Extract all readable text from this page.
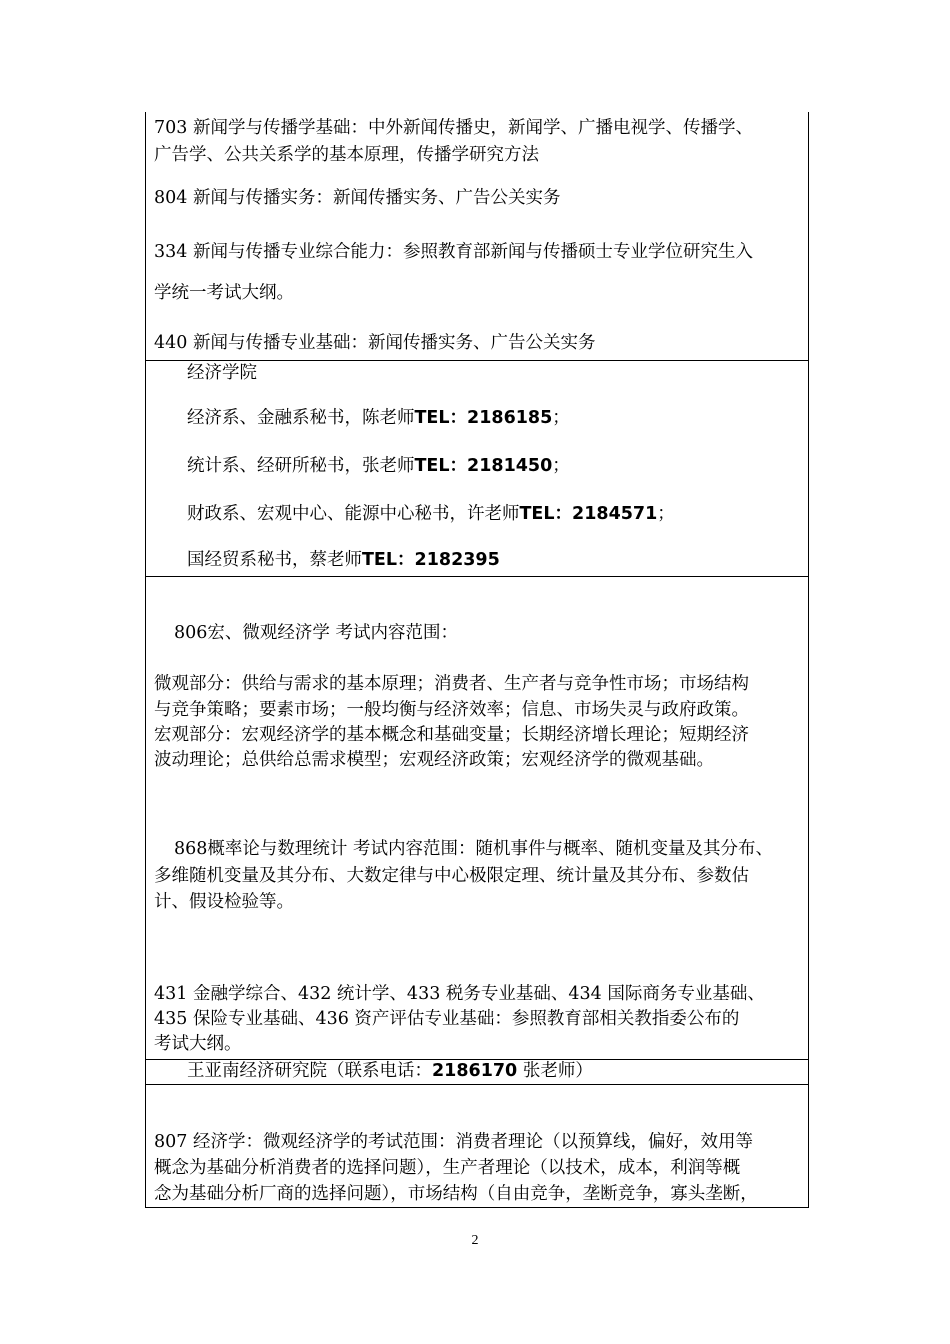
703 新闻学与传播学基础：中外新闻传播史，新闻学、广播电视学、传播学、

广告学、公共关系学的基本原理，传播学研究方法

804 新闻与传播实务：新闻传播实务、广告公关实务

334 新闻与传播专业综合能力：参照教育部新闻与传播硕士专业学位研究生入

学统一考试大纲。

440 新闻与传播专业基础：新闻传播实务、广告公关实务

经济学院

经济系、金融系秘书，陈老师TEL：2186185；

统计系、经研所秘书，张老师TEL：2181450；

财政系、宏观中心、能源中心秘书，许老师TEL：2184571；

国经贸系秘书，蔡老师TEL：2182395

806宏、微观经济学 考试内容范围：

微观部分：供给与需求的基本原理；消费者、生产者与竞争性市场；市场结构

与竞争策略；要素市场；一般均衡与经济效率；信息、市场失灵与政府政策。

宏观部分：宏观经济学的基本概念和基础变量；长期经济增长理论；短期经济

波动理论；总供给总需求模型；宏观经济政策；宏观经济学的微观基础。

868概率论与数理统计 考试内容范围：随机事件与概率、随机变量及其分布、

多维随机变量及其分布、大数定律与中心极限定理、统计量及其分布、参数估

计、假设检验等。

431 金融学综合、432 统计学、433 税务专业基础、434 国际商务专业基础、

435 保险专业基础、436 资产评估专业基础：参照教育部相关教指委公布的

考试大纲。

王亚南经济研究院（联系电话：2186170 张老师）

807 经济学：微观经济学的考试范围：消费者理论（以预算线，偏好，效用等

概念为基础分析消费者的选择问题），生产者理论（以技术，成本，利润等概

念为基础分析厂商的选择问题），市场结构（自由竞争，垄断竞争，寡头垄断，

2
